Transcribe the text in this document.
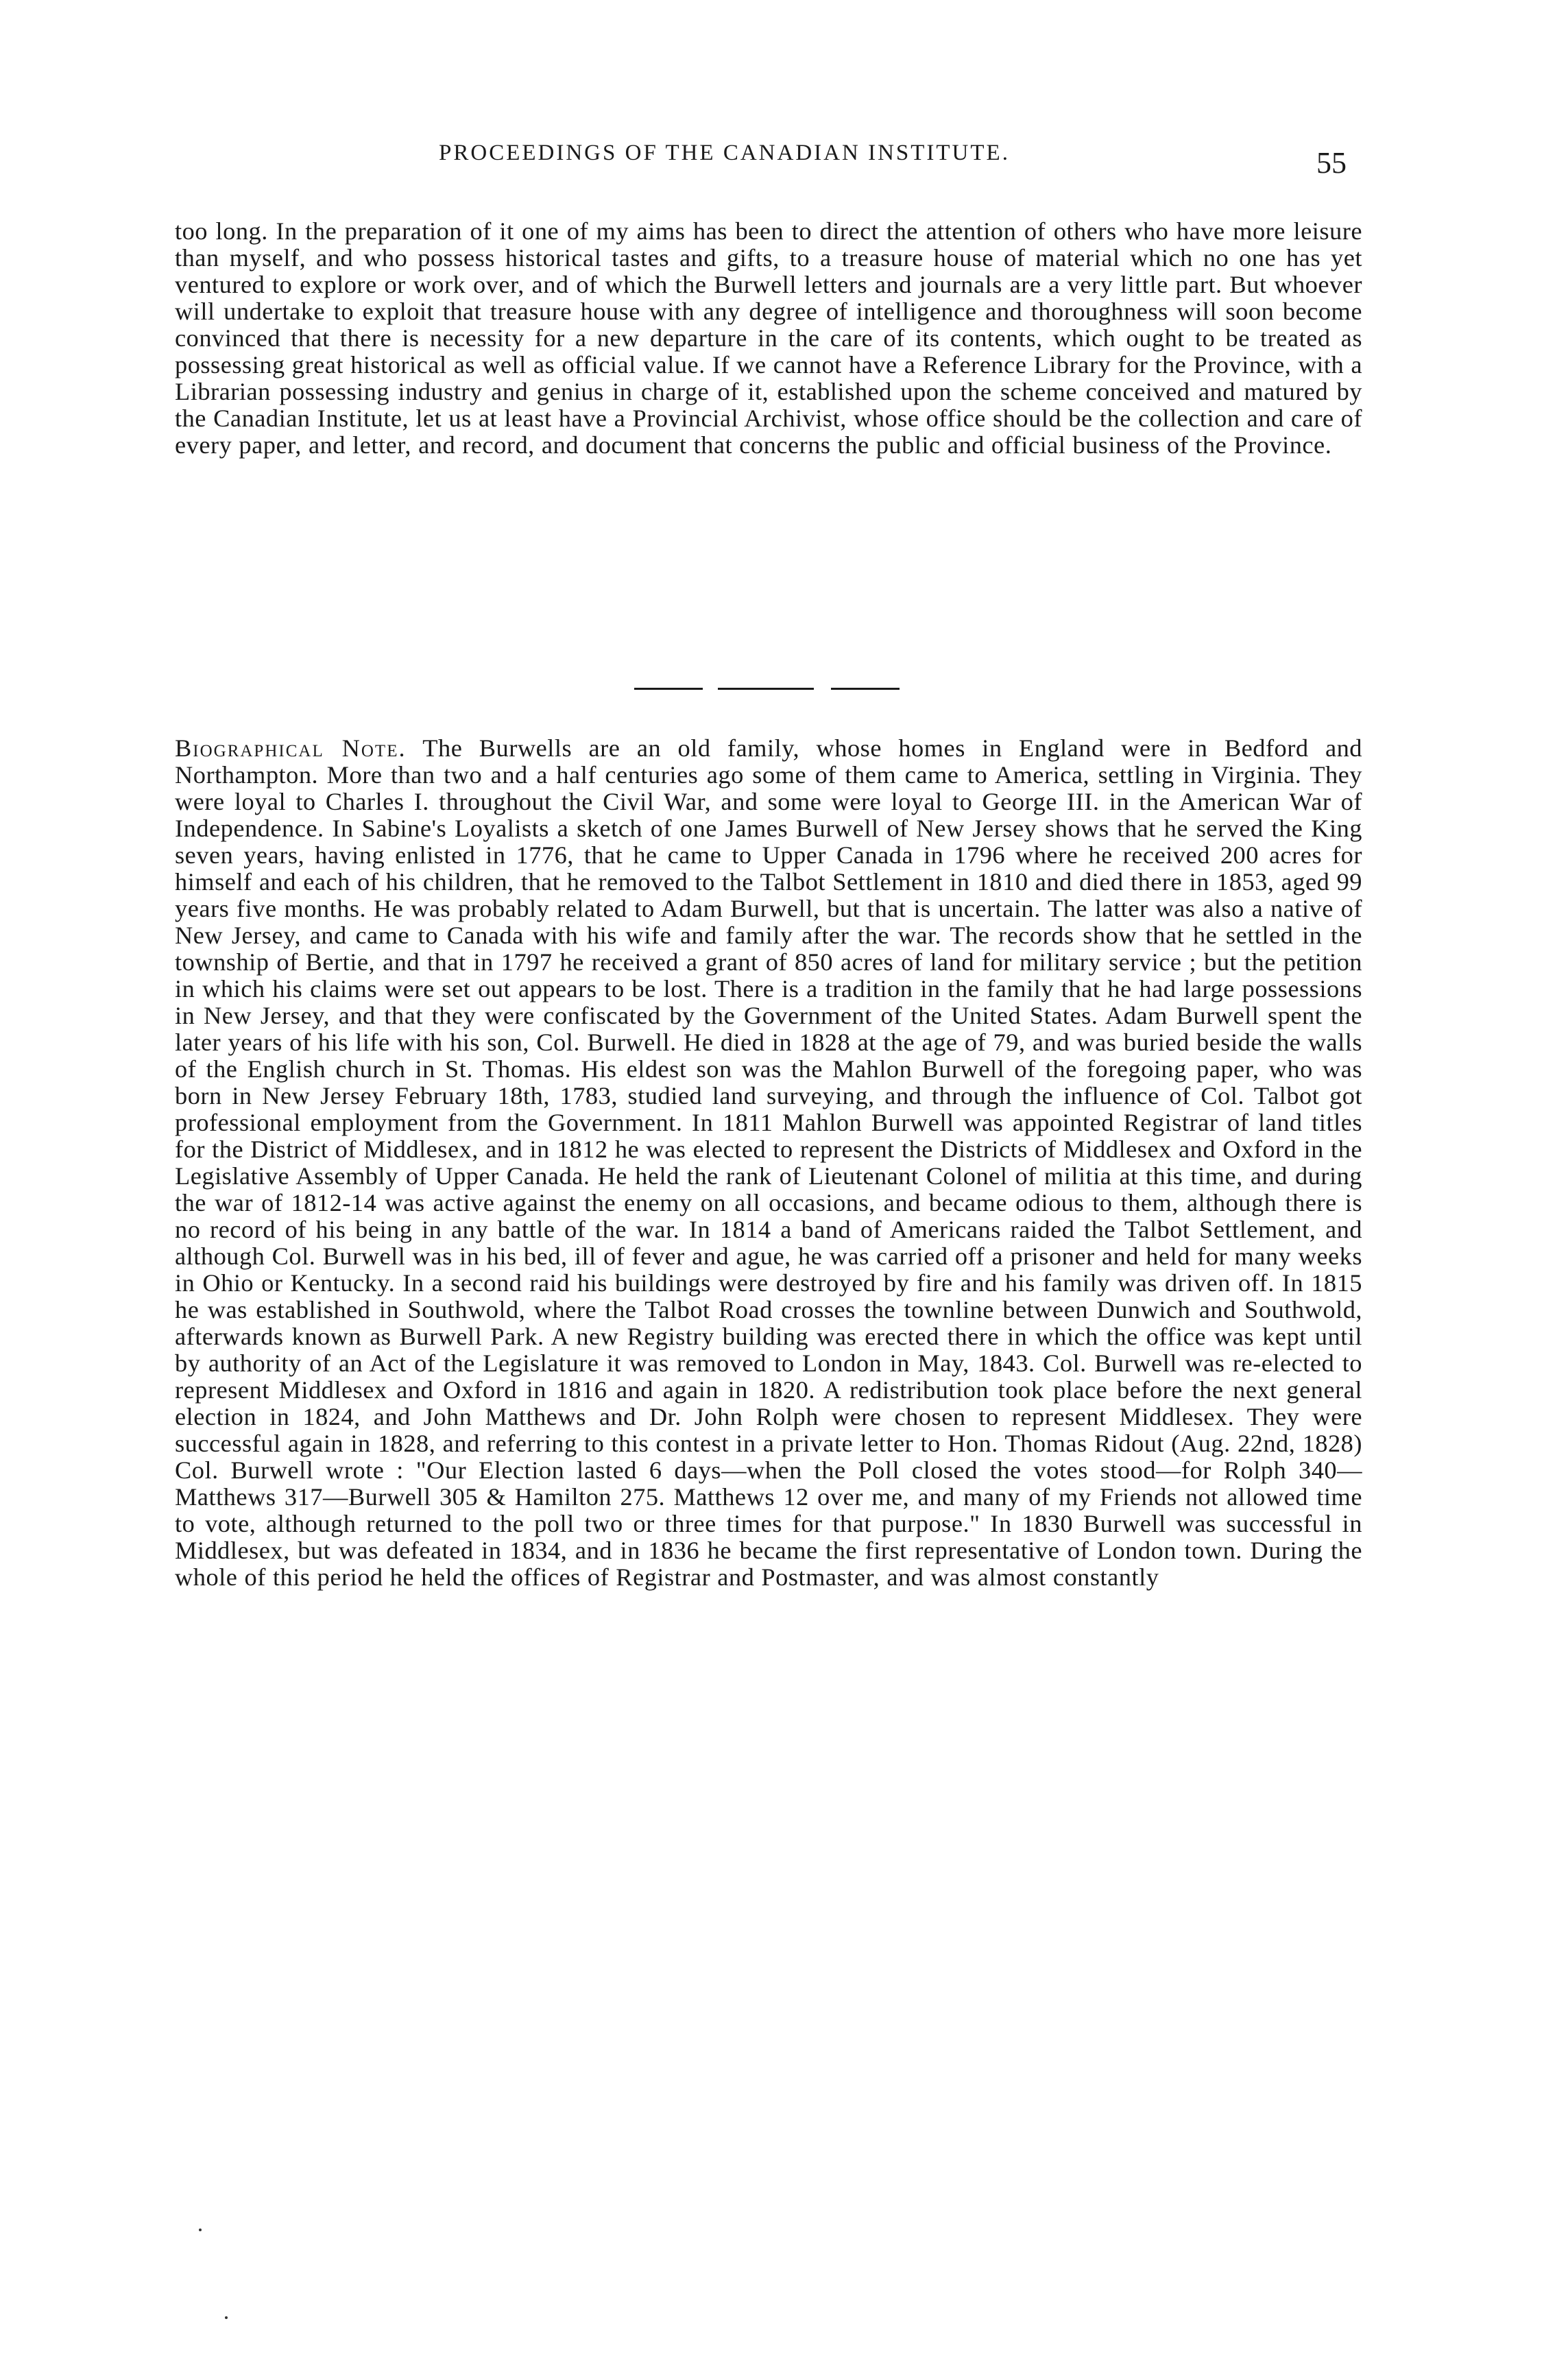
PROCEEDINGS OF THE CANADIAN INSTITUTE.	55

too long. In the preparation of it one of my aims has been to direct the attention of others who have more leisure than myself, and who possess historical tastes and gifts, to a treasure house of material which no one has yet ventured to explore or work over, and of which the Burwell letters and journals are a very little part. But whoever will undertake to exploit that treasure house with any degree of intelligence and thoroughness will soon become convinced that there is necessity for a new departure in the care of its contents, which ought to be treated as possessing great historical as well as official value. If we cannot have a Reference Library for the Province, with a Librarian possessing industry and genius in charge of it, established upon the scheme conceived and matured by the Canadian Institute, let us at least have a Provincial Archivist, whose office should be the collection and care of every paper, and letter, and record, and document that concerns the public and official business of the Province.

Biographical Note. The Burwells are an old family, whose homes in England were in Bedford and Northampton. More than two and a half centuries ago some of them came to America, settling in Virginia. They were loyal to Charles I. throughout the Civil War, and some were loyal to George III. in the American War of Independence. In Sabine's Loyalists a sketch of one James Burwell of New Jersey shows that he served the King seven years, having enlisted in 1776, that he came to Upper Canada in 1796 where he received 200 acres for himself and each of his children, that he removed to the Talbot Settlement in 1810 and died there in 1853, aged 99 years five months. He was probably related to Adam Burwell, but that is uncertain. The latter was also a native of New Jersey, and came to Canada with his wife and family after the war. The records show that he settled in the township of Bertie, and that in 1797 he received a grant of 850 acres of land for military service ; but the petition in which his claims were set out appears to be lost. There is a tradition in the family that he had large possessions in New Jersey, and that they were confiscated by the Government of the United States. Adam Burwell spent the later years of his life with his son, Col. Burwell. He died in 1828 at the age of 79, and was buried beside the walls of the English church in St. Thomas. His eldest son was the Mahlon Burwell of the foregoing paper, who was born in New Jersey February 18th, 1783, studied land surveying, and through the influence of Col. Talbot got professional employment from the Government. In 1811 Mahlon Burwell was appointed Registrar of land titles for the District of Middlesex, and in 1812 he was elected to represent the Districts of Middlesex and Oxford in the Legislative Assembly of Upper Canada. He held the rank of Lieutenant Colonel of militia at this time, and during the war of 1812-14 was active against the enemy on all occasions, and became odious to them, although there is no record of his being in any battle of the war. In 1814 a band of Americans raided the Talbot Settlement, and although Col. Burwell was in his bed, ill of fever and ague, he was carried off a prisoner and held for many weeks in Ohio or Kentucky. In a second raid his buildings were destroyed by fire and his family was driven off. In 1815 he was established in Southwold, where the Talbot Road crosses the townline between Dunwich and Southwold, afterwards known as Burwell Park. A new Registry building was erected there in which the office was kept until by authority of an Act of the Legislature it was removed to London in May, 1843. Col. Burwell was re-elected to represent Middlesex and Oxford in 1816 and again in 1820. A redistribution took place before the next general election in 1824, and John Matthews and Dr. John Rolph were chosen to represent Middlesex. They were successful again in 1828, and referring to this contest in a private letter to Hon. Thomas Ridout (Aug. 22nd, 1828) Col. Burwell wrote : "Our Election lasted 6 days—when the Poll closed the votes stood—for Rolph 340—Matthews 317—Burwell 305 & Hamilton 275. Matthews 12 over me, and many of my Friends not allowed time to vote, although returned to the poll two or three times for that purpose." In 1830 Burwell was successful in Middlesex, but was defeated in 1834, and in 1836 he became the first representative of London town. During the whole of this period he held the offices of Registrar and Postmaster, and was almost constantly
